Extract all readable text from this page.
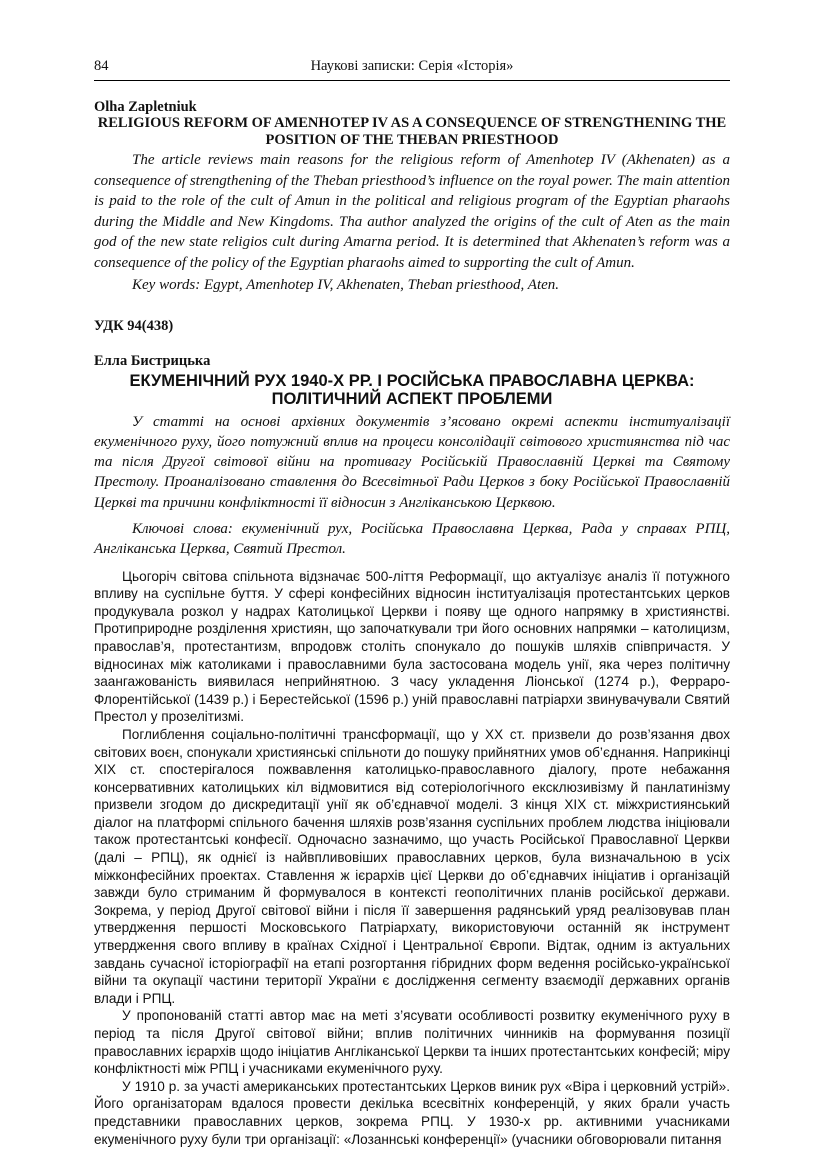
84	Наукові записки: Серія «Історія»

Olha Zapletniuk

RELIGIOUS REFORM OF AMENHOTEP IV AS A CONSEQUENCE OF STRENGTHENING THE POSITION OF THE THEBAN PRIESTHOOD

The article reviews main reasons for the religious reform of Amenhotep IV (Akhenaten) as a consequence of strengthening of the Theban priesthood’s influence on the royal power. The main attention is paid to the role of the cult of Amun in the political and religious program of the Egyptian pharaohs during the Middle and New Kingdoms. Tha author analyzed the origins of the cult of Aten as the main god of the new state religios cult during Amarna period. It is determined that Akhenaten’s reform was a consequence of the policy of the Egyptian pharaohs aimed to supporting the cult of Amun.

Key words: Egypt, Amenhotep IV, Akhenaten, Theban priesthood, Aten.

УДК 94(438)

Елла Бистрицька

ЕКУМЕНІЧНИЙ РУХ 1940-Х РР. І РОСІЙСЬКА ПРАВОСЛАВНА ЦЕРКВА:
ПОЛІТИЧНИЙ АСПЕКТ ПРОБЛЕМИ

У статті на основі архівних документів з’ясовано окремі аспекти інституалізації екуменічного руху, його потужний вплив на процеси консолідації світового християнства під час та після Другої світової війни на противагу Російській Православній Церкві та Святому Престолу. Проаналізовано ставлення до Всесвітньої Ради Церков з боку Російської Православній Церкві та причини конфліктності її відносин з Англіканською Церквою.

Ключові слова: екуменічний рух, Російська Православна Церква, Рада у справах РПЦ, Англіканська Церква, Святий Престол.

Цьогоріч світова спільнота відзначає 500-ліття Реформації, що актуалізує аналіз її потужного впливу на суспільне буття. У сфері конфесійних відносин інституалізація протестантських церков продукувала розкол у надрах Католицької Церкви і появу ще одного напрямку в християнстві. Протиприродне розділення християн, що започаткували три його основних напрямки – католицизм, православ’я, протестантизм, впродовж століть спонукало до пошуків шляхів співпричастя. У відносинах між католиками і православними була застосована модель унії, яка через політичну заангажованість виявилася неприйнятною. З часу укладення Ліонської (1274 р.), Ферраро-Флорентійської (1439 р.) і Берестейської (1596 р.) уній православні патріархи звинувачували Святий Престол у прозелітизмі.

Поглиблення соціально-політичні трансформації, що у ХХ ст. призвели до розв’язання двох світових воєн, спонукали християнські спільноти до пошуку прийнятних умов об’єднання. Наприкінці ХІХ ст. спостерігалося пожвавлення католицько-православного діалогу, проте небажання консервативних католицьких кіл відмовитися від сотеріологічного ексклюзивізму й панлатинізму призвели згодом до дискредитації унії як об’єднавчої моделі. З кінця ХІХ ст. міжхристиянський діалог на платформі спільного бачення шляхів розв’язання суспільних проблем людства ініціювали також протестантські конфесії. Одночасно зазначимо, що участь Російської Православної Церкви (далі – РПЦ), як однієї із найвпливовіших православних церков, була визначальною в усіх міжконфесійних проектах. Ставлення ж ієрархів цієї Церкви до об’єднавчих ініціатив і організацій завжди було стриманим й формувалося в контексті геополітичних планів російської держави. Зокрема, у період Другої світової війни і після її завершення радянський уряд реалізовував план утвердження першості Московського Патріархату, використовуючи останній як інструмент утвердження свого впливу в країнах Східної і Центральної Європи. Відтак, одним із актуальних завдань сучасної історіографії на етапі розгортання гібридних форм ведення російсько-української війни та окупації частини території України є дослідження сегменту взаємодії державних органів влади і РПЦ.

У пропонованій статті автор має на меті з’ясувати особливості розвитку екуменічного руху в період та після Другої світової війни; вплив політичних чинників на формування позиції православних ієрархів щодо ініціатив Англіканської Церкви та інших протестантських конфесій; міру конфліктності між РПЦ і учасниками екуменічного руху.

У 1910 р. за участі американських протестантських Церков виник рух «Віра і церковний устрій». Його організаторам вдалося провести декілька всесвітніх конференцій, у яких брали участь представники православних церков, зокрема РПЦ. У 1930-х рр. активними учасниками екуменічного руху були три організації: «Лозаннські конференції» (учасники обговорювали питання
